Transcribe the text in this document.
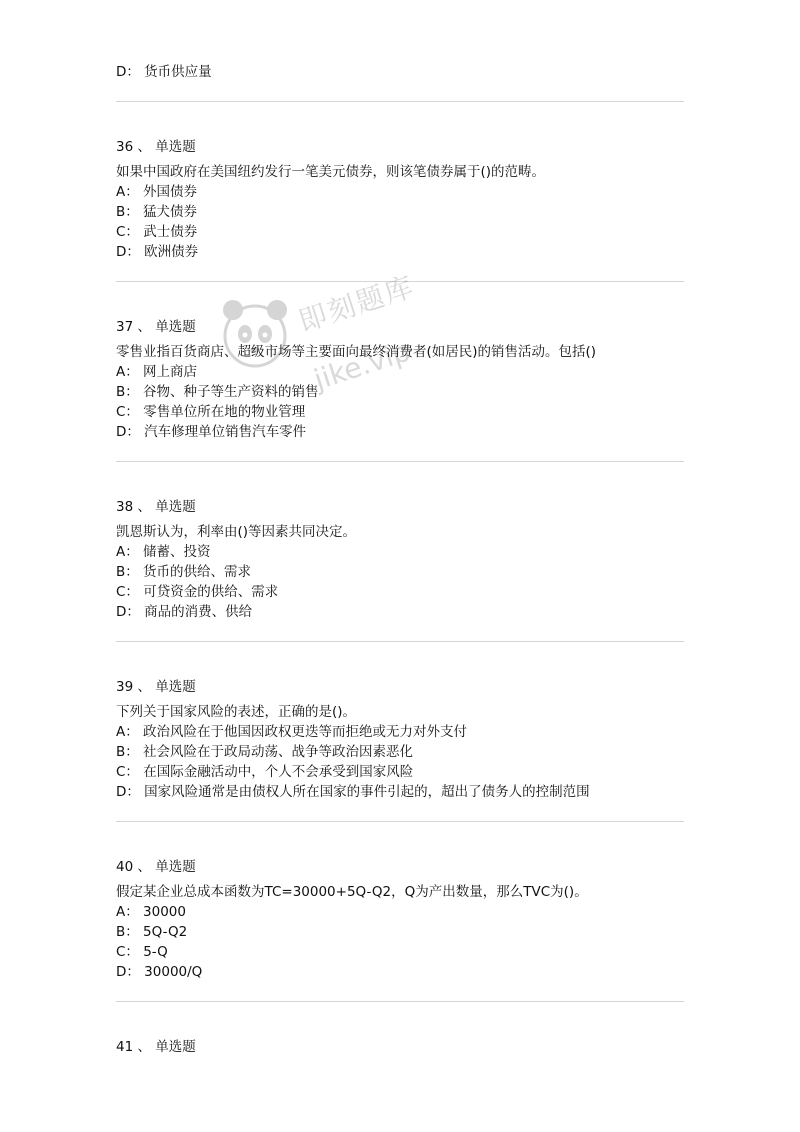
D： 货币供应量
36 、 单选题
如果中国政府在美国纽约发行一笔美元债券，则该笔债券属于()的范畴。
A： 外国债券
B： 猛犬债券
C： 武士债券
D： 欧洲债券
37 、 单选题
零售业指百货商店、超级市场等主要面向最终消费者(如居民)的销售活动。包括()
A： 网上商店
B： 谷物、种子等生产资料的销售
C： 零售单位所在地的物业管理
D： 汽车修理单位销售汽车零件
38 、 单选题
凯恩斯认为，利率由()等因素共同决定。
A： 储蓄、投资
B： 货币的供给、需求
C： 可贷资金的供给、需求
D： 商品的消费、供给
39 、 单选题
下列关于国家风险的表述，正确的是()。
A： 政治风险在于他国因政权更迭等而拒绝或无力对外支付
B： 社会风险在于政局动荡、战争等政治因素恶化
C： 在国际金融活动中，个人不会承受到国家风险
D： 国家风险通常是由债权人所在国家的事件引起的，超出了债务人的控制范围
40 、 单选题
假定某企业总成本函数为TC=30000+5Q-Q2，Q为产出数量，那么TVC为()。
A： 30000
B： 5Q-Q2
C： 5-Q
D： 30000/Q
41 、 单选题
即刻题库
jike.vip
